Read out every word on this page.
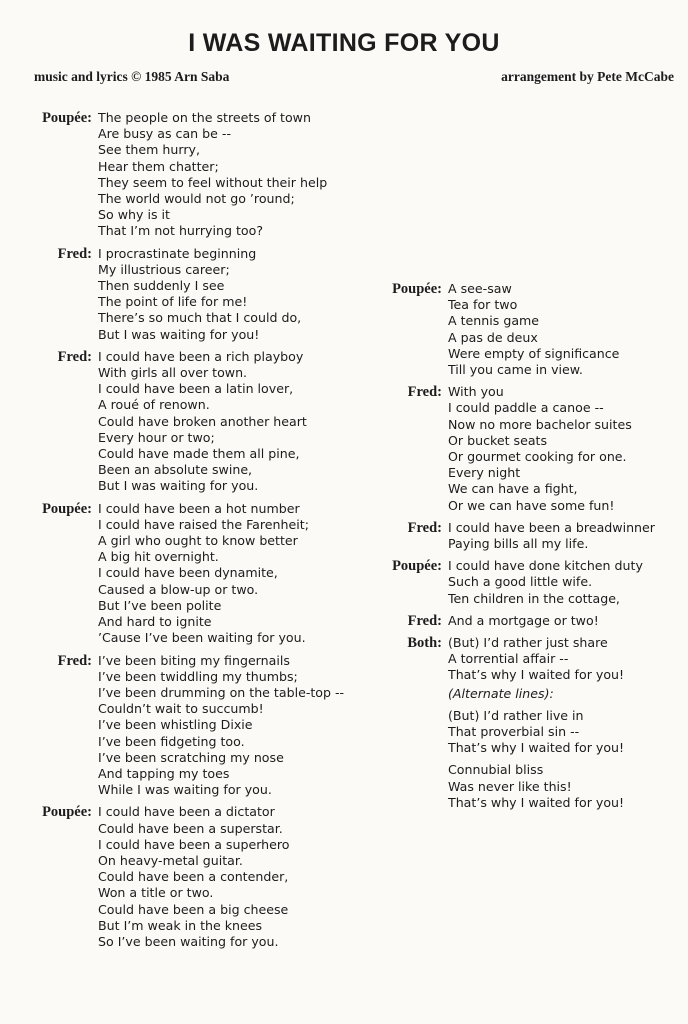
I WAS WAITING FOR YOU
music and lyrics © 1985 Arn Saba	arrangement by Pete McCabe
Poupée: The people on the streets of town
Are busy as can be --
See them hurry,
Hear them chatter;
They seem to feel without their help
The world would not go ’round;
So why is it
That I’m not hurrying too?
Fred: I procrastinate beginning
My illustrious career;
Then suddenly I see
The point of life for me!
There’s so much that I could do,
But I was waiting for you!
Fred: I could have been a rich playboy
With girls all over town.
I could have been a latin lover,
A roué of renown.
Could have broken another heart
Every hour or two;
Could have made them all pine,
Been an absolute swine,
But I was waiting for you.
Poupée: I could have been a hot number
I could have raised the Farenheit;
A girl who ought to know better
A big hit overnight.
I could have been dynamite,
Caused a blow-up or two.
But I’ve been polite
And hard to ignite
’Cause I’ve been waiting for you.
Fred: I’ve been biting my fingernails
I’ve been twiddling my thumbs;
I’ve been drumming on the table-top --
Couldn’t wait to succumb!
I’ve been whistling Dixie
I’ve been fidgeting too.
I’ve been scratching my nose
And tapping my toes
While I was waiting for you.
Poupée: I could have been a dictator
Could have been a superstar.
I could have been a superhero
On heavy-metal guitar.
Could have been a contender,
Won a title or two.
Could have been a big cheese
But I’m weak in the knees
So I’ve been waiting for you.
Poupée: A see-saw
Tea for two
A tennis game
A pas de deux
Were empty of significance
Till you came in view.
Fred: With you
I could paddle a canoe --
Now no more bachelor suites
Or bucket seats
Or gourmet cooking for one.
Every night
We can have a fight,
Or we can have some fun!
Fred: I could have been a breadwinner
Paying bills all my life.
Poupée: I could have done kitchen duty
Such a good little wife.
Ten children in the cottage,
Fred: And a mortgage or two!
Both: (But) I’d rather just share
A torrential affair --
That’s why I waited for you!
(Alternate lines):
(But) I’d rather live in
That proverbial sin --
That’s why I waited for you!
Connubial bliss
Was never like this!
That’s why I waited for you!
